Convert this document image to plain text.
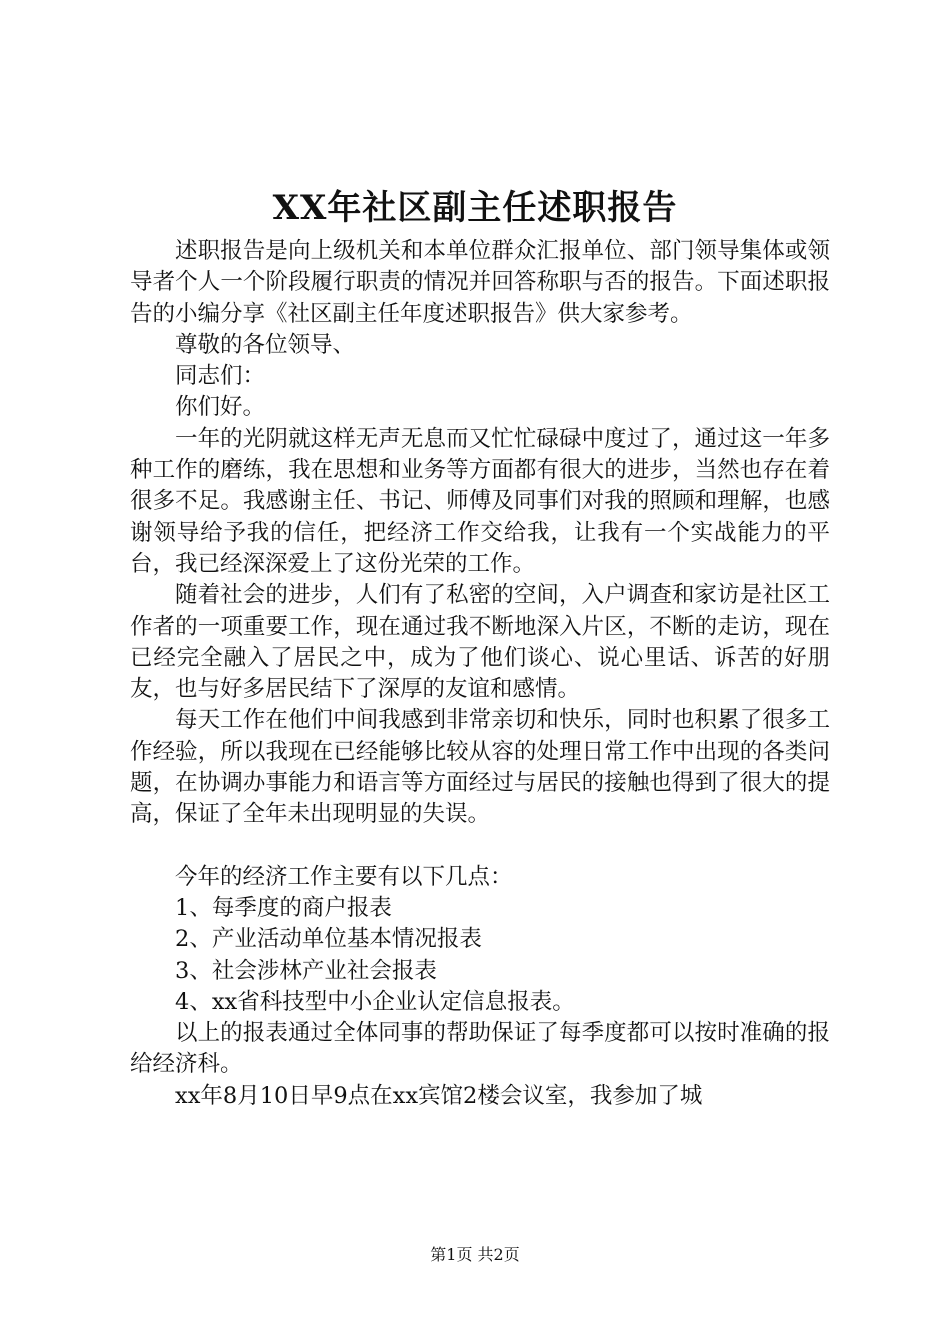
XX年社区副主任述职报告

述职报告是向上级机关和本单位群众汇报单位、部门领导集体或领导者个人一个阶段履行职责的情况并回答称职与否的报告。下面述职报告的小编分享《社区副主任年度述职报告》供大家参考。

尊敬的各位领导、

同志们：

你们好。

一年的光阴就这样无声无息而又忙忙碌碌中度过了，通过这一年多种工作的磨练，我在思想和业务等方面都有很大的进步，当然也存在着很多不足。我感谢主任、书记、师傅及同事们对我的照顾和理解，也感谢领导给予我的信任，把经济工作交给我，让我有一个实战能力的平台，我已经深深爱上了这份光荣的工作。

随着社会的进步，人们有了私密的空间，入户调查和家访是社区工作者的一项重要工作，现在通过我不断地深入片区，不断的走访，现在已经完全融入了居民之中，成为了他们谈心、说心里话、诉苦的好朋友，也与好多居民结下了深厚的友谊和感情。

每天工作在他们中间我感到非常亲切和快乐，同时也积累了很多工作经验，所以我现在已经能够比较从容的处理日常工作中出现的各类问题，在协调办事能力和语言等方面经过与居民的接触也得到了很大的提高，保证了全年未出现明显的失误。

今年的经济工作主要有以下几点：

1、每季度的商户报表

2、产业活动单位基本情况报表

3、社会涉林产业社会报表

4、xx省科技型中小企业认定信息报表。

以上的报表通过全体同事的帮助保证了每季度都可以按时准确的报给经济科。

xx年8月10日早9点在xx宾馆2楼会议室，我参加了城

第1页 共2页
